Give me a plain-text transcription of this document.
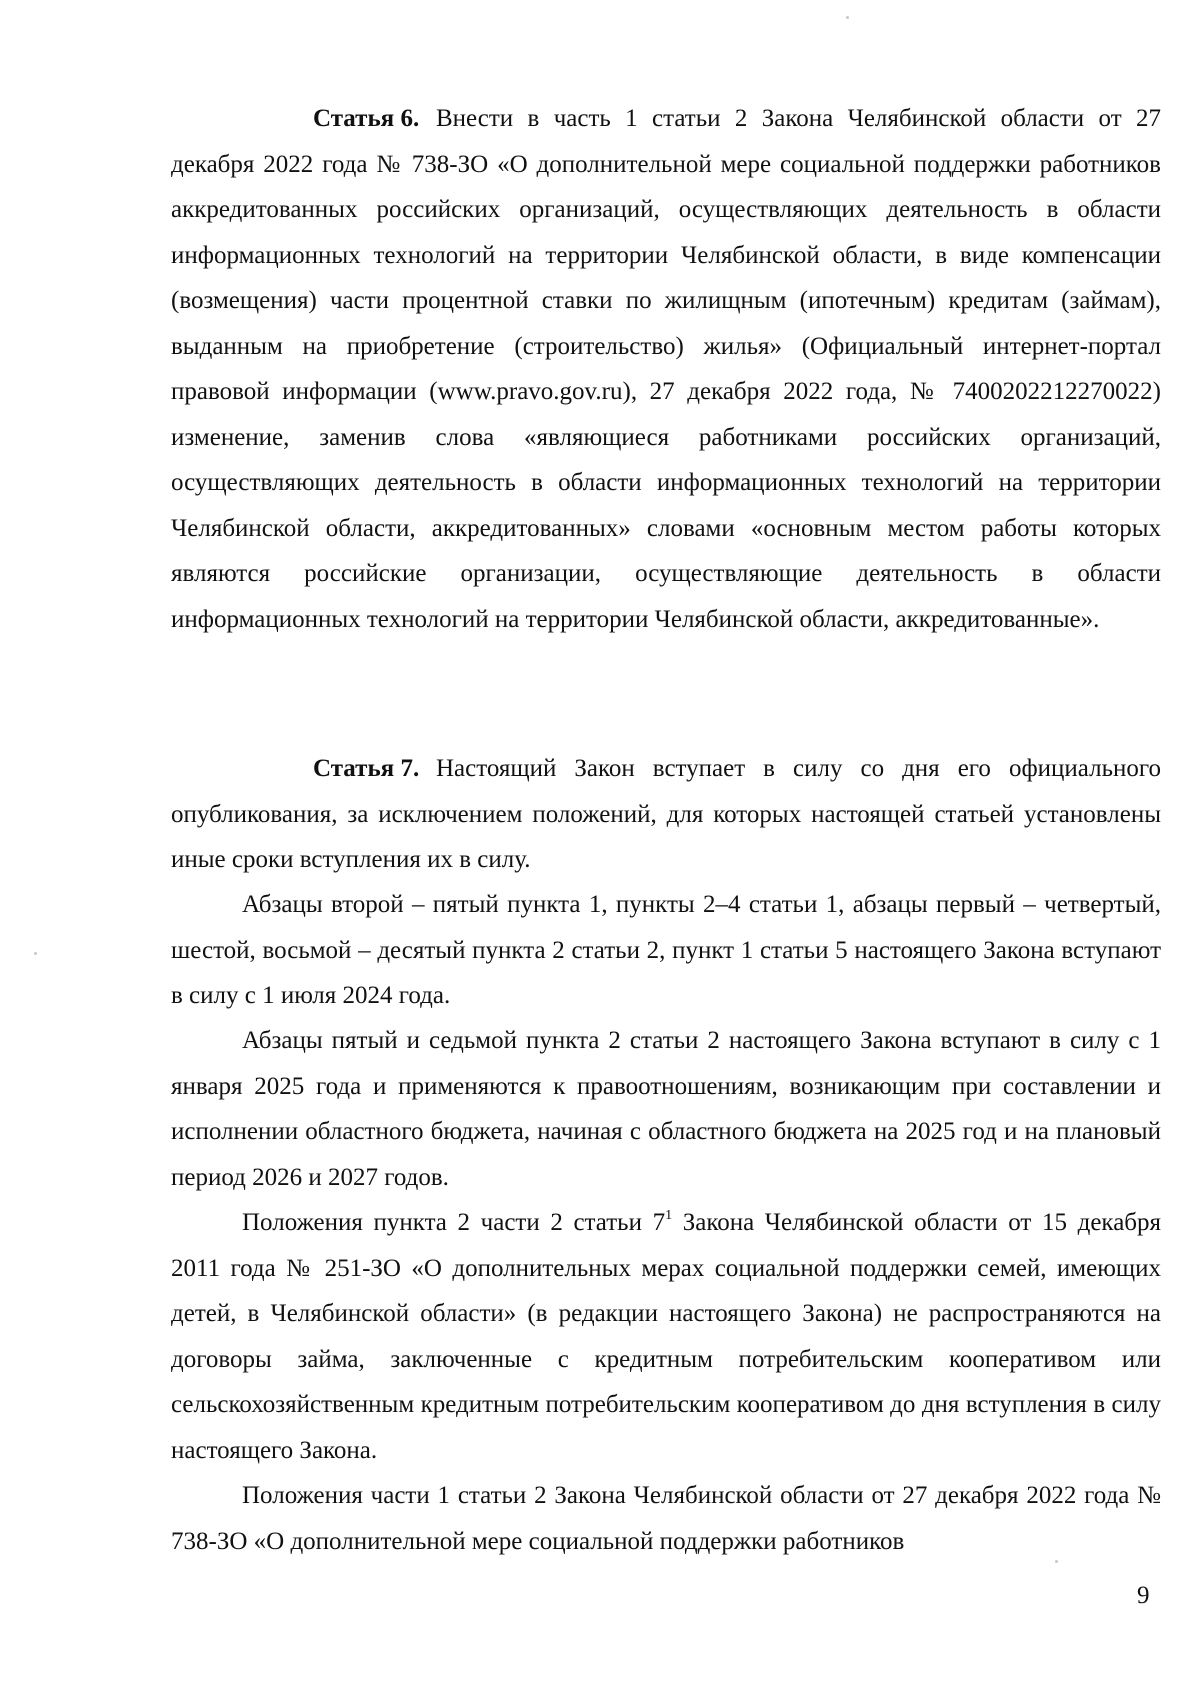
Статья 6. Внести в часть 1 статьи 2 Закона Челябинской области от 27 декабря 2022 года № 738-ЗО «О дополнительной мере социальной поддержки работников аккредитованных российских организаций, осуществляющих деятельность в области информационных технологий на территории Челябинской области, в виде компенсации (возмещения) части процентной ставки по жилищным (ипотечным) кредитам (займам), выданным на приобретение (строительство) жилья» (Официальный интернет-портал правовой информации (www.pravo.gov.ru), 27 декабря 2022 года, № 7400202212270022) изменение, заменив слова «являющиеся работниками российских организаций, осуществляющих деятельность в области информационных технологий на территории Челябинской области, аккредитованных» словами «основным местом работы которых являются российские организации, осуществляющие деятельность в области информационных технологий на территории Челябинской области, аккредитованные».

Статья 7. Настоящий Закон вступает в силу со дня его официального опубликования, за исключением положений, для которых настоящей статьей установлены иные сроки вступления их в силу.

Абзацы второй – пятый пункта 1, пункты 2–4 статьи 1, абзацы первый – четвертый, шестой, восьмой – десятый пункта 2 статьи 2, пункт 1 статьи 5 настоящего Закона вступают в силу с 1 июля 2024 года.

Абзацы пятый и седьмой пункта 2 статьи 2 настоящего Закона вступают в силу с 1 января 2025 года и применяются к правоотношениям, возникающим при составлении и исполнении областного бюджета, начиная с областного бюджета на 2025 год и на плановый период 2026 и 2027 годов.

Положения пункта 2 части 2 статьи $7^1$ Закона Челябинской области от 15 декабря 2011 года № 251-ЗО «О дополнительных мерах социальной поддержки семей, имеющих детей, в Челябинской области» (в редакции настоящего Закона) не распространяются на договоры займа, заключенные с кредитным потребительским кооперативом или сельскохозяйственным кредитным потребительским кооперативом до дня вступления в силу настоящего Закона.

Положения части 1 статьи 2 Закона Челябинской области от 27 декабря 2022 года № 738-ЗО «О дополнительной мере социальной поддержки работников

9
